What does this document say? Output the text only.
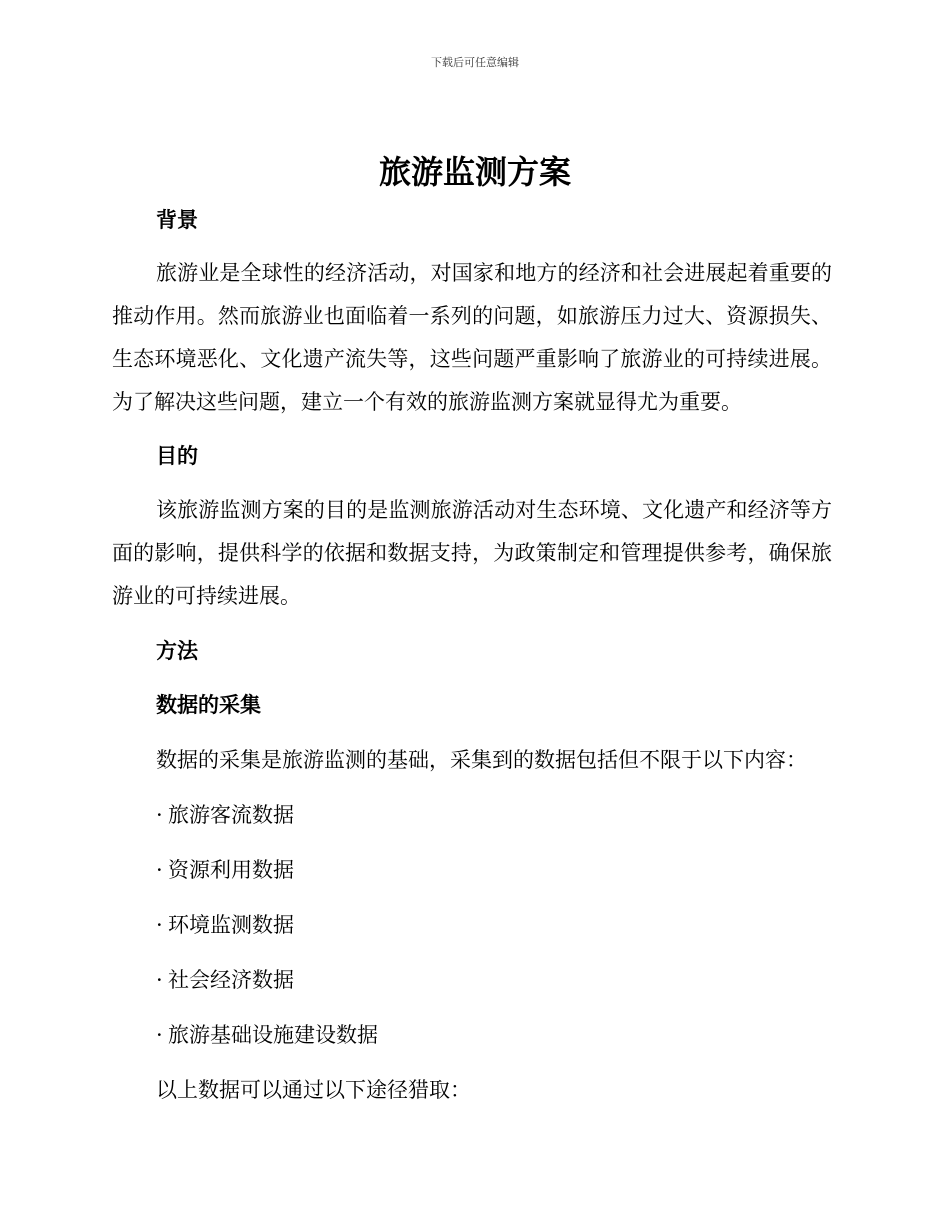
下载后可任意编辑
旅游监测方案
背景
旅游业是全球性的经济活动，对国家和地方的经济和社会进展起着重要的推动作用。然而旅游业也面临着一系列的问题，如旅游压力过大、资源损失、生态环境恶化、文化遗产流失等，这些问题严重影响了旅游业的可持续进展。为了解决这些问题，建立一个有效的旅游监测方案就显得尤为重要。
目的
该旅游监测方案的目的是监测旅游活动对生态环境、文化遗产和经济等方面的影响，提供科学的依据和数据支持，为政策制定和管理提供参考，确保旅游业的可持续进展。
方法
数据的采集
数据的采集是旅游监测的基础，采集到的数据包括但不限于以下内容：
· 旅游客流数据
· 资源利用数据
· 环境监测数据
· 社会经济数据
· 旅游基础设施建设数据
以上数据可以通过以下途径猎取：
